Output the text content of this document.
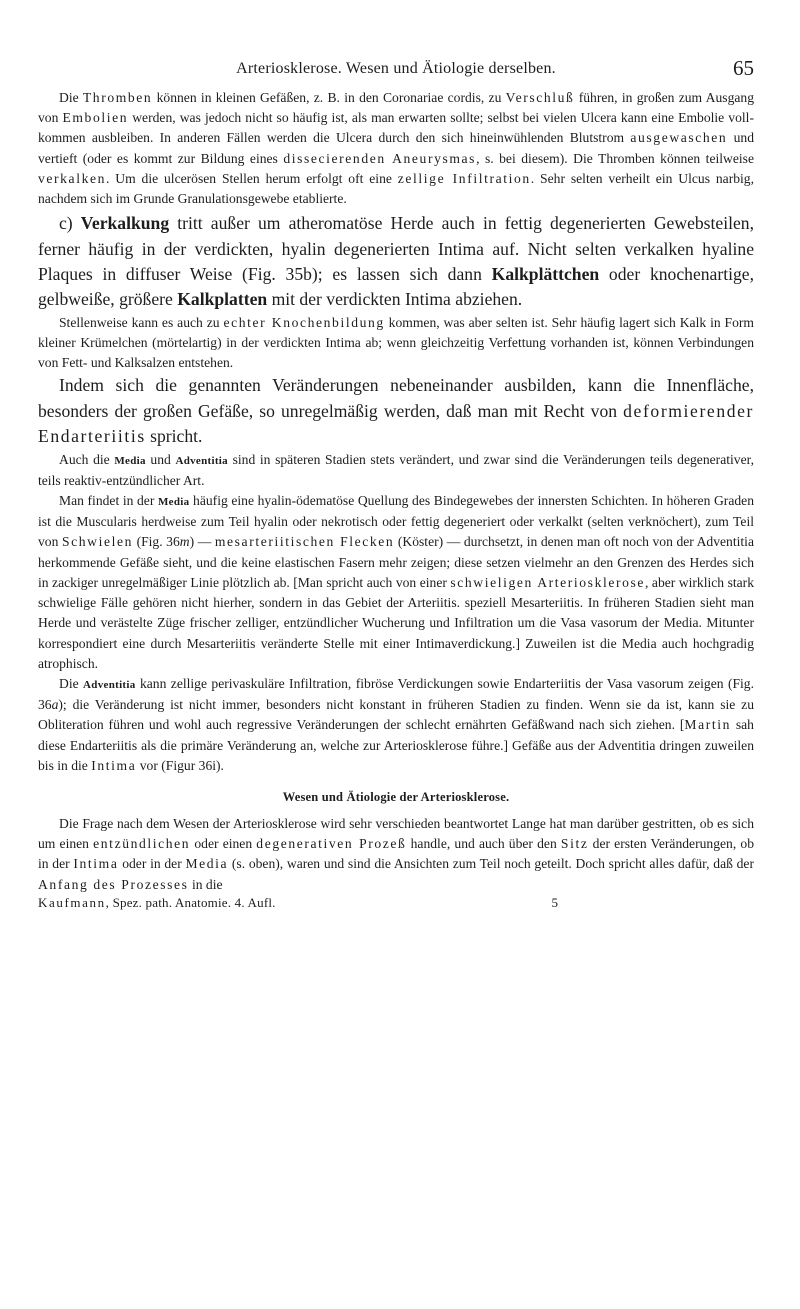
Arteriosklerose. Wesen und Ätiologie derselben.	65

Die Thromben können in kleinen Gefäßen, z. B. in den Coronariae cordis, zu Verschluß führen, in großen zum Ausgang von Embolien werden, was jedoch nicht so häufig ist, als man erwarten sollte; selbst bei vielen Ulcera kann eine Embolie vollkommen ausbleiben. In anderen Fällen werden die Ulcera durch den sich hineinwühlenden Blutstrom ausgewaschen und vertieft (oder es kommt zur Bildung eines dissecierenden Aneurysmas, s. bei diesem). Die Thromben können teilweise verkalken. Um die ulcerösen Stellen herum erfolgt oft eine zellige Infiltration. Sehr selten verheilt ein Ulcus narbig, nachdem sich im Grunde Granulationsgewebe etablierte.

c) Verkalkung tritt außer um atheromatöse Herde auch in fettig degenerierten Gewebsteilen, ferner häufig in der verdickten, hyalin degenerierten Intima auf. Nicht selten verkalken hyaline Plaques in diffuser Weise (Fig. 35b); es lassen sich dann Kalkplättchen oder knochenartige, gelbweiße, größere Kalkplatten mit der verdickten Intima abziehen.

Stellenweise kann es auch zu echter Knochenbildung kommen, was aber selten ist. Sehr häufig lagert sich Kalk in Form kleiner Krümelchen (mörtelartig) in der verdickten Intima ab; wenn gleichzeitig Verfettung vorhanden ist, können Verbindungen von Fett- und Kalksalzen entstehen.

Indem sich die genannten Veränderungen nebeneinander ausbilden, kann die Innenfläche, besonders der großen Gefäße, so unregelmäßig werden, daß man mit Recht von deformierender Endarteriitis spricht.

Auch die Media und Adventitia sind in späteren Stadien stets verändert, und zwar sind die Veränderungen teils degenerativer, teils reaktiv-entzündlicher Art.

Man findet in der Media häufig eine hyalin-ödematöse Quellung des Bindegewebes der innersten Schichten. In höheren Graden ist die Muscularis herdweise zum Teil hyalin oder nekrotisch oder fettig degeneriert oder verkalkt (selten verknöchert), zum Teil von Schwielen (Fig. 36m) — mesarteriitischen Flecken (Köster) — durchsetzt, in denen man oft noch von der Adventitia herkommende Gefäße sieht, und die keine elastischen Fasern mehr zeigen; diese setzen vielmehr an den Grenzen des Herdes sich in zackiger unregelmäßiger Linie plötzlich ab. [Man spricht auch von einer schwieligen Arteriosklerose, aber wirklich stark schwielige Fälle gehören nicht hierher, sondern in das Gebiet der Arteriitis. speziell Mesarteriitis. In früheren Stadien sieht man Herde und verästelte Züge frischer zelliger, entzündlicher Wucherung und Infiltration um die Vasa vasorum der Media. Mitunter korrespondiert eine durch Mesarteriitis veränderte Stelle mit einer Intimaverdickung.] Zuweilen ist die Media auch hochgradig atrophisch.

Die Adventitia kann zellige perivaskuläre Infiltration, fibröse Verdickungen sowie Endarteriitis der Vasa vasorum zeigen (Fig. 36a); die Veränderung ist nicht immer, besonders nicht konstant in früheren Stadien zu finden. Wenn sie da ist, kann sie zu Obliteration führen und wohl auch regressive Veränderungen der schlecht ernährten Gefäßwand nach sich ziehen. [Martin sah diese Endarteriitis als die primäre Veränderung an, welche zur Arteriosklerose führe.] Gefäße aus der Adventitia dringen zuweilen bis in die Intima vor (Figur 36i).

Wesen und Ätiologie der Arteriosklerose.

Die Frage nach dem Wesen der Arteriosklerose wird sehr verschieden beantwortet Lange hat man darüber gestritten, ob es sich um einen entzündlichen oder einen degenerativen Prozeß handle, und auch über den Sitz der ersten Veränderungen, ob in der Intima oder in der Media (s. oben), waren und sind die Ansichten zum Teil noch geteilt. Doch spricht alles dafür, daß der Anfang des Prozesses in die

Kaufmann, Spez. path. Anatomie. 4. Aufl.	5
